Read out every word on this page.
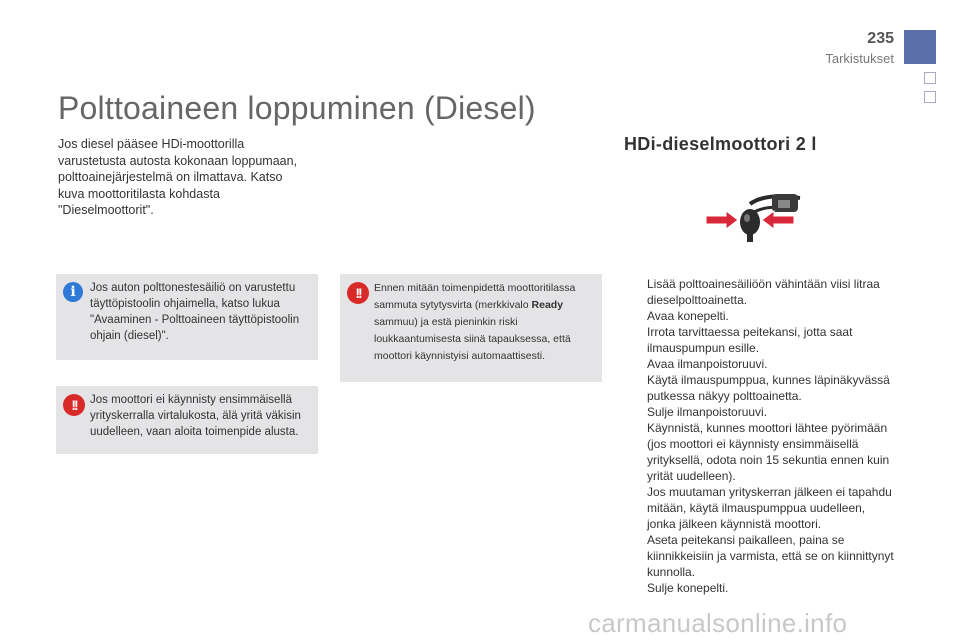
235
Tarkistukset
Polttoaineen loppuminen (Diesel)

Jos diesel pääsee HDi-moottorilla varustetusta autosta kokonaan loppumaan, polttoainejärjestelmä on ilmattava. Katso kuva moottoritilasta kohdasta "Dieselmoottorit".

i	Jos auton polttonestesäiliö on varustettu täyttöpistoolin ohjaimella, katso lukua "Avaaminen - Polttoaineen täyttöpistoolin ohjain (diesel)".
!!	Jos moottori ei käynnisty ensimmäisellä yrityskerralla virtalukosta, älä yritä väkisin uudelleen, vaan aloita toimenpide alusta.
!!	Ennen mitään toimenpidettä moottoritilassa sammuta sytytysvirta (merkkivalo Ready sammuu) ja estä pieninkin riski loukkaantumisesta siinä tapauksessa, että moottori käynnistyisi automaattisesti.
HDi-dieselmoottori 2 l
Lisää polttoainesäiliöön vähintään viisi litraa dieselpolttoainetta.
Avaa konepelti.
Irrota tarvittaessa peitekansi, jotta saat ilmauspumpun esille.
Avaa ilmanpoistoruuvi.
Käytä ilmauspumppua, kunnes läpinäkyvässä putkessa näkyy polttoainetta.
Sulje ilmanpoistoruuvi.
Käynnistä, kunnes moottori lähtee pyörimään (jos moottori ei käynnisty ensimmäisellä yrityksellä, odota noin 15 sekuntia ennen kuin yrität uudelleen).
Jos muutaman yrityskerran jälkeen ei tapahdu mitään, käytä ilmauspumppua uudelleen, jonka jälkeen käynnistä moottori.
Aseta peitekansi paikalleen, paina se kiinnikkeisiin ja varmista, että se on kiinnittynyt kunnolla.
Sulje konepelti.
carmanualsonline.info
